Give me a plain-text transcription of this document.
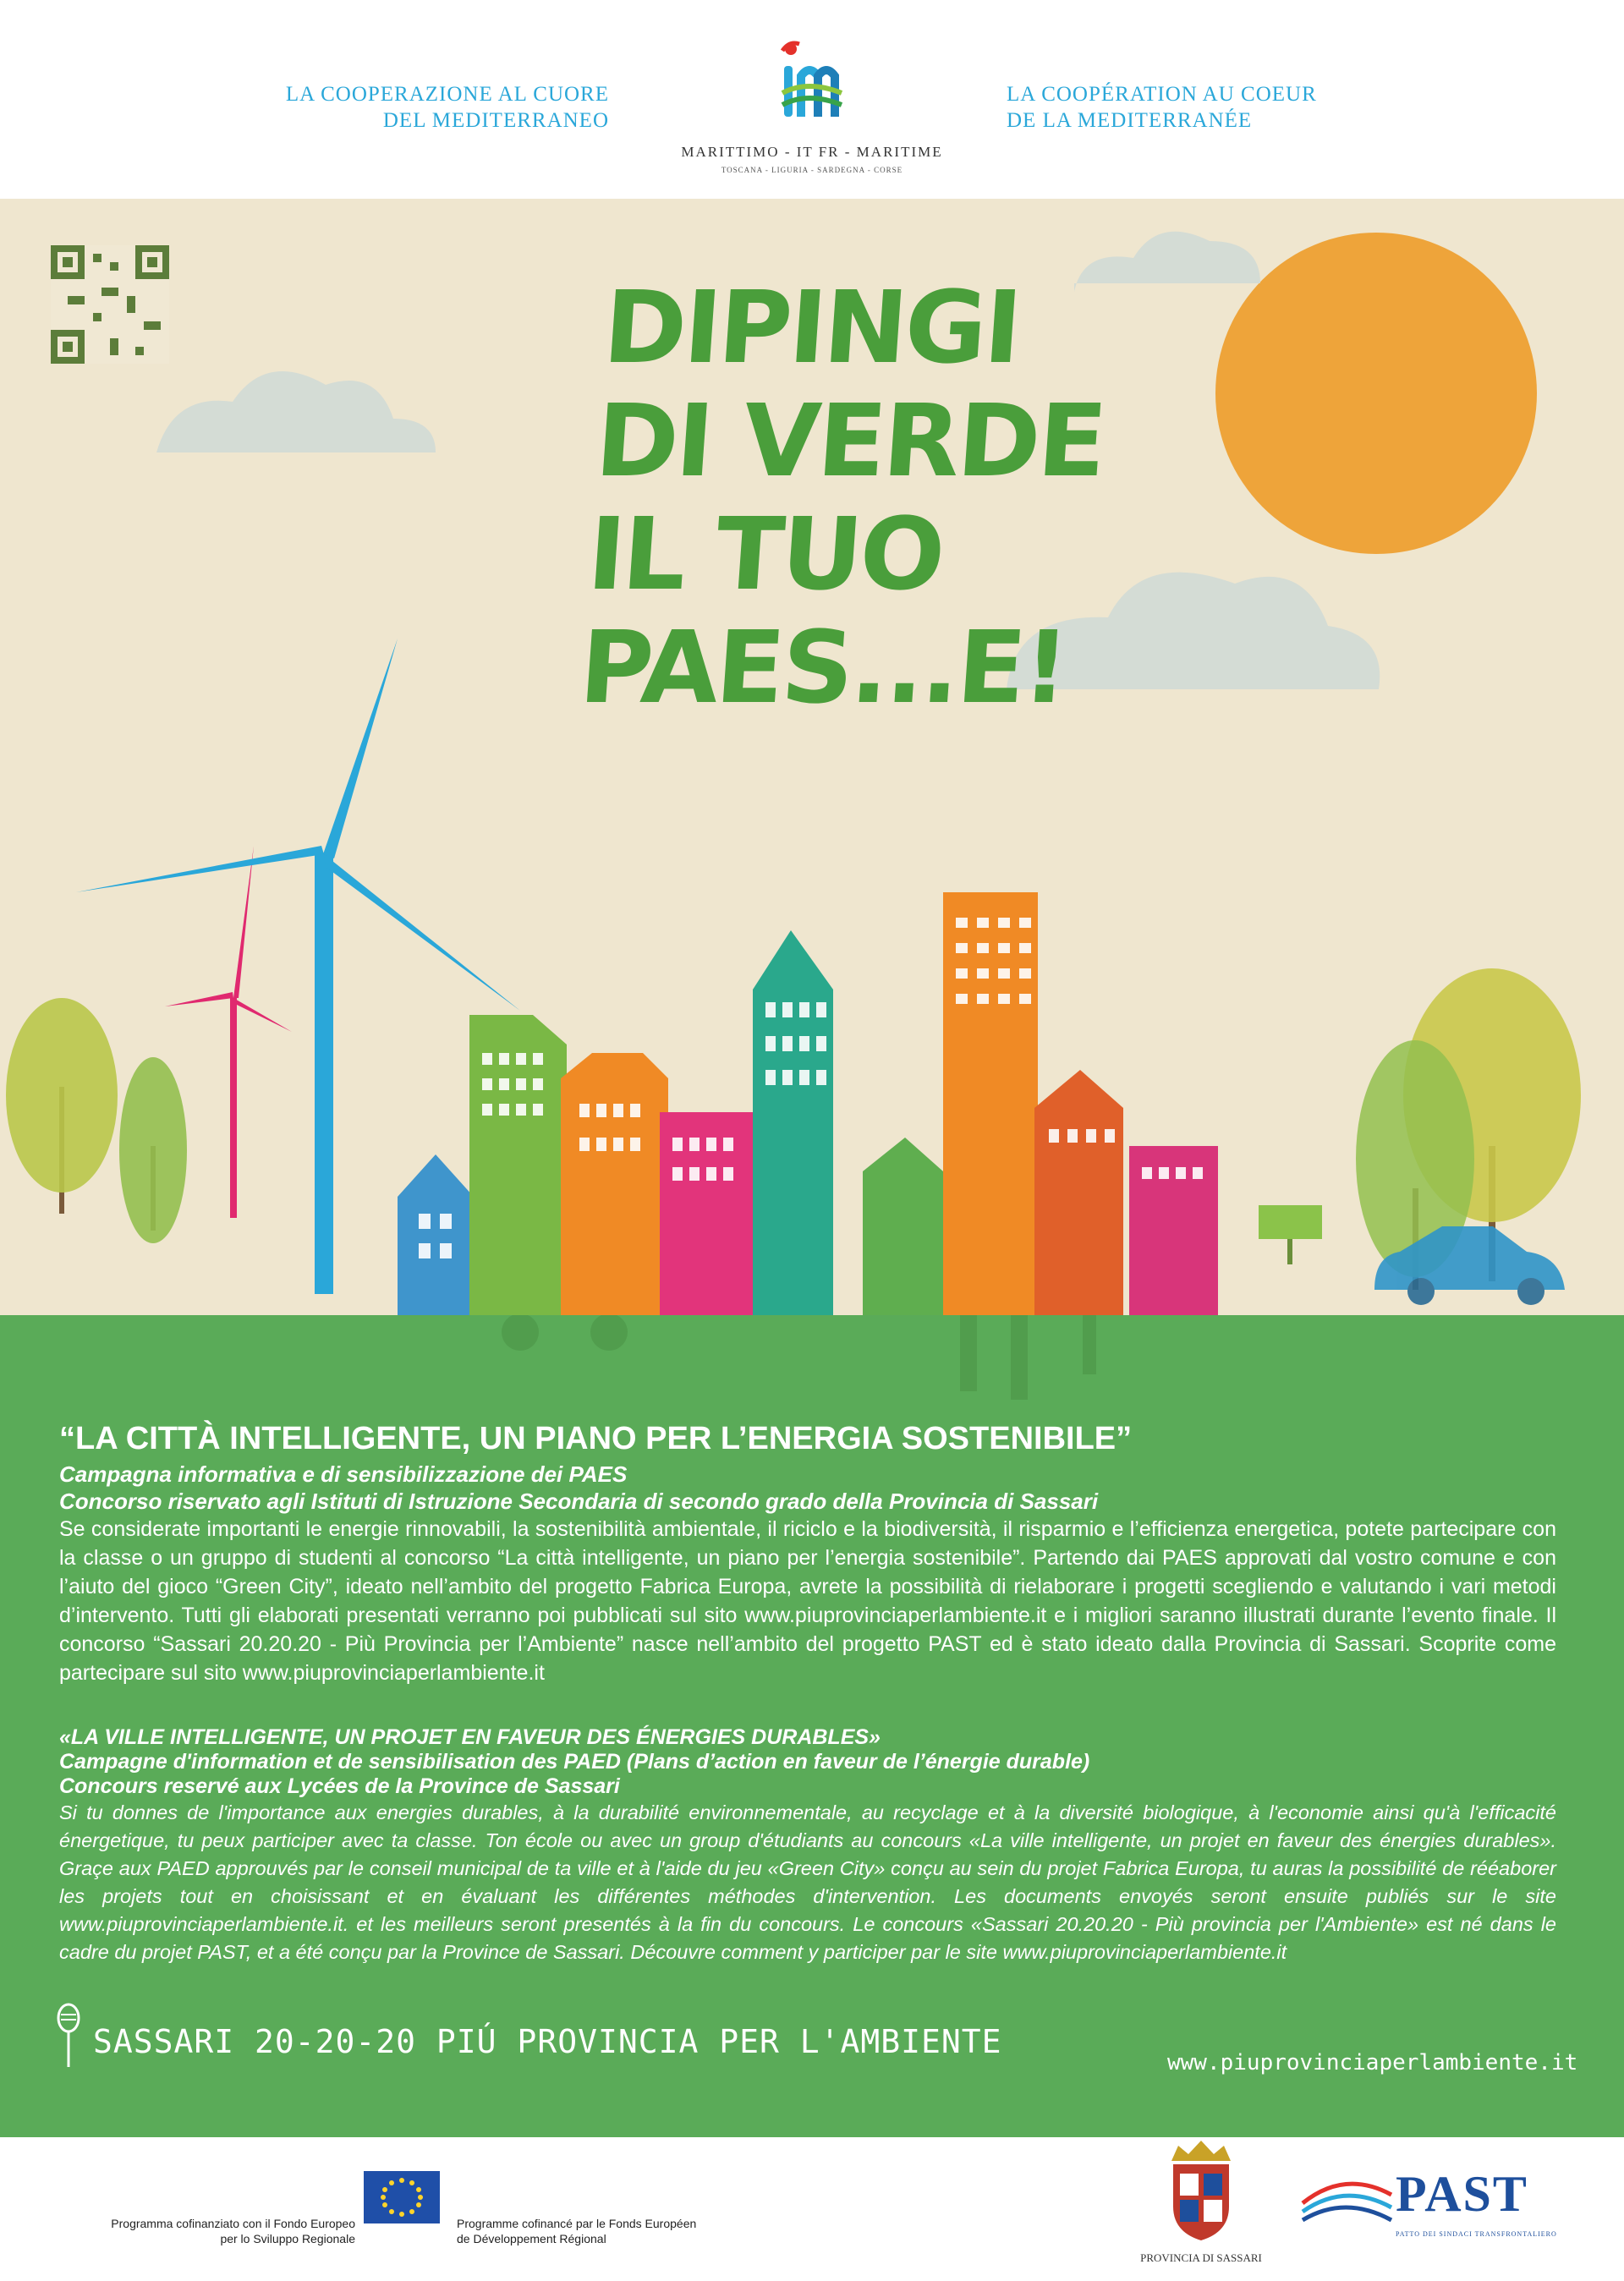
LA COOPERAZIONE AL CUORE
DEL MEDITERRANEO
MARITTIMO - IT FR - MARITIME
TOSCANA - LIGURIA - SARDEGNA - CORSE
LA COOPÉRATION AU COEUR
DE LA MEDITERRANÉE
DIPINGI
DI VERDE
IL TUO
PAES...E!
“LA CITTÀ INTELLIGENTE, UN PIANO PER L’ENERGIA SOSTENIBILE”
Campagna informativa e di sensibilizzazione dei PAES
Concorso riservato agli Istituti di Istruzione Secondaria di secondo grado della Provincia di Sassari
Se considerate importanti le energie rinnovabili, la sostenibilità ambientale, il riciclo e la biodiversità, il risparmio e l’efficienza energetica, potete partecipare con la classe o un gruppo di studenti al concorso “La città intelligente, un piano per l’energia sostenibile”. Partendo dai PAES approvati dal vostro comune e con l’aiuto del gioco “Green City”, ideato nell’ambito del progetto Fabrica Europa, avrete la possibilità di rielaborare i progetti scegliendo e valutando i vari metodi d’intervento. Tutti gli elaborati presentati verranno poi pubblicati sul sito www.piuprovinciaperlambiente.it e i migliori saranno illustrati durante l’evento finale. Il concorso “Sassari 20.20.20 - Più Provincia per l’Ambiente” nasce nell’ambito del progetto PAST ed è stato ideato dalla Provincia di Sassari. Scoprite come partecipare sul sito www.piuprovinciaperlambiente.it
«LA VILLE INTELLIGENTE, UN PROJET EN FAVEUR DES ÉNERGIES DURABLES»
Campagne d'information et de sensibilisation des PAED (Plans d’action en faveur de l’énergie durable)
Concours reservé aux Lycées de la Province de Sassari
Si tu donnes de l'importance aux energies durables, à la durabilité environnementale, au recyclage et à la diversité biologique, à l'economie ainsi qu'à l'efficacité énergetique, tu peux participer avec ta classe. Ton école ou avec un group d'étudiants au concours «La ville intelligente, un projet en faveur des énergies durables». Graçe aux PAED approuvés par le conseil municipal de ta ville et à l'aide du jeu «Green City» conçu au sein du projet Fabrica Europa, tu auras la possibilité de rééaborer les projets tout en choisissant et en évaluant les différentes méthodes d'intervention. Les documents envoyés seront ensuite publiés sur le site www.piuprovinciaperlambiente.it. et les meilleurs seront presentés à la fin du concours. Le concours «Sassari 20.20.20 - Più provincia per l'Ambiente» est né dans le cadre du projet PAST, et a été conçu par la Province de Sassari. Découvre comment y participer par le site www.piuprovinciaperlambiente.it
SASSARI 20-20-20 PIÚ PROVINCIA PER L'AMBIENTE
www.piuprovinciaperlambiente.it
Programma cofinanziato con il Fondo Europeo
per lo Sviluppo Regionale
Programme cofinancé par le Fonds Européen
de Développement Régional
PROVINCIA DI SASSARI
PAST
PATTO DEI SINDACI TRANSFRONTALIERO
